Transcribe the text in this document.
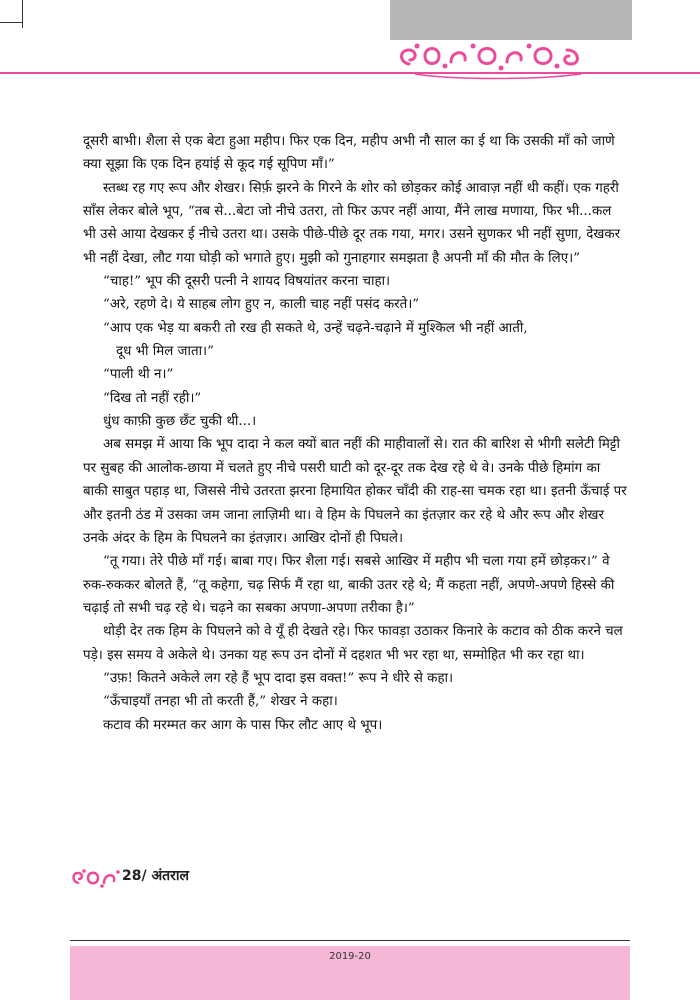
दूसरी बाभी। शैला से एक बेटा हुआ महीप। फिर एक दिन, महीप अभी नौ साल का ई था कि उसकी माँ को जाणे क्या सूझा कि एक दिन हयांई से कूद गई सूपिण माँ।”

स्तब्ध रह गए रूप और शेखर। सिर्फ़ झरने के गिरने के शोर को छोड़कर कोई आवाज़ नहीं थी कहीं। एक गहरी साँस लेकर बोले भूप, “तब से...बेटा जो नीचे उतरा, तो फिर ऊपर नहीं आया, मैंने लाख मणाया, फिर भी...कल भी उसे आया देखकर ई नीचे उतरा था। उसके पीछे-पीछे दूर तक गया, मगर। उसने सुणकर भी नहीं सुणा, देखकर भी नहीं देखा, लौट गया घोड़ी को भगाते हुए। मुझी को गुनाहगार समझता है अपनी माँ की मौत के लिए।”

“चाह!” भूप की दूसरी पत्नी ने शायद विषयांतर करना चाहा।

“अरे, रहणे दे। ये साहब लोग हुए न, काली चाह नहीं पसंद करते।”

“आप एक भेड़ या बकरी तो रख ही सकते थे, उन्हें चढ़ने-चढ़ाने में मुश्किल भी नहीं आती,

दूध भी मिल जाता।”

“पाली थी न।”

“दिख तो नहीं रही।”

धुंध काफ़ी कुछ छँट चुकी थी...।

अब समझ में आया कि भूप दादा ने कल क्यों बात नहीं की माहीवालों से। रात की बारिश से भीगी सलेटी मिट्टी पर सुबह की आलोक-छाया में चलते हुए नीचे पसरी घाटी को दूर-दूर तक देख रहे थे वे। उनके पीछे हिमांग का बाकी साबुत पहाड़ था, जिससे नीचे उतरता झरना हिमायित होकर चाँदी की राह-सा चमक रहा था। इतनी ऊँचाई पर और इतनी ठंड में उसका जम जाना लाज़िमी था। वे हिम के पिघलने का इंतज़ार कर रहे थे और रूप और शेखर उनके अंदर के हिम के पिघलने का इंतज़ार। आखिर दोनों ही पिघले।

“तू गया। तेरे पीछे माँ गई। बाबा गए। फिर शैला गई। सबसे आखिर में महीप भी चला गया हमें छोड़कर।” वे रुक-रुककर बोलते हैं, “तू कहेगा, चढ़ सिर्फ मैं रहा था, बाकी उतर रहे थे; मैं कहता नहीं, अपणे-अपणे हिस्से की चढ़ाई तो सभी चढ़ रहे थे। चढ़ने का सबका अपणा-अपणा तरीका है।”

थोड़ी देर तक हिम के पिघलने को वे यूँ ही देखते रहे। फिर फावड़ा उठाकर किनारे के कटाव को ठीक करने चल पड़े। इस समय वे अकेले थे। उनका यह रूप उन दोनों में दहशत भी भर रहा था, सम्मोहित भी कर रहा था।

“उफ़! कितने अकेले लग रहे हैं भूप दादा इस वक्त!” रूप ने धीरे से कहा।

“ऊँचाइयाँ तनहा भी तो करती हैं,” शेखर ने कहा।

कटाव की मरम्मत कर आग के पास फिर लौट आए थे भूप।

28/ अंतराल
2019-20
